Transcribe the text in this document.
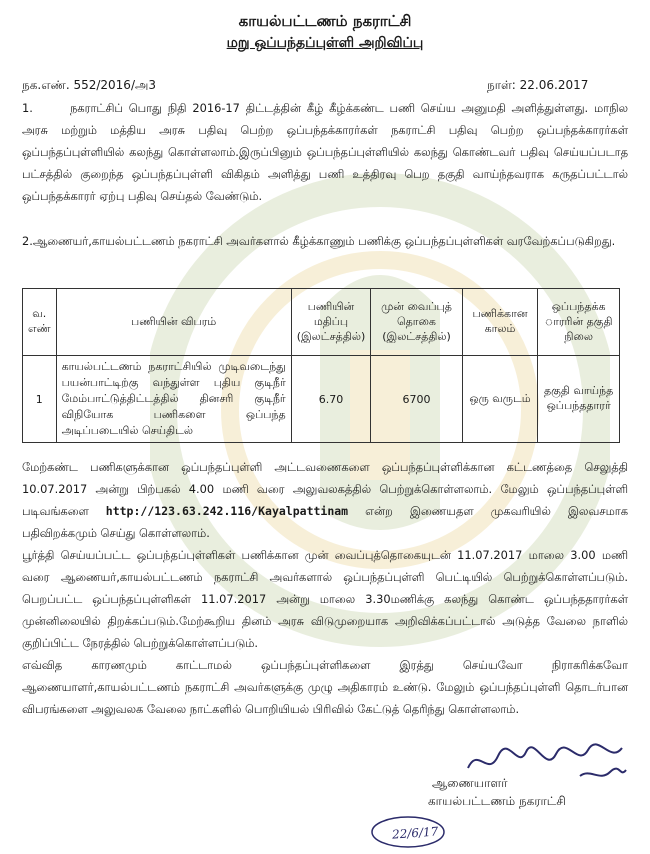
காயல்பட்டணம் நகராட்சி
மறு ஒப்பந்தப்புள்ளி அறிவிப்பு
நக.எண். 552/2016/அ3	நாள்: 22.06.2017
1.	நகராட்சிப் பொது நிதி 2016-17 திட்டத்தின் கீழ் கீழ்க்கண்ட பணி செய்ய அனுமதி அளித்துள்ளது. மாநில அரசு மற்றும் மத்திய அரசு பதிவு பெற்ற ஒப்பந்தக்காரர்கள் நகராட்சி பதிவு பெற்ற ஒப்பந்தக்காரர்கள் ஒப்பந்தப்புள்ளியில் கலந்து கொள்ளலாம்.இருப்பினும் ஒப்பந்தப்புள்ளியில் கலந்து கொண்டவர் பதிவு செய்யப்படாத பட்சத்தில் குறைந்த ஒப்பந்தப்புள்ளி விகிதம் அளித்து பணி உத்திரவு பெற தகுதி வாய்ந்தவராக கருதப்பட்டால் ஒப்பந்தக்காரர் ஏற்பு பதிவு செய்தல் வேண்டும்.
2.ஆணையர்,காயல்பட்டணம் நகராட்சி அவர்களால் கீழ்க்காணும் பணிக்கு ஒப்பந்தப்புள்ளிகள் வரவேற்கப்படுகிறது.
வ. எண்	பணியின் விபரம்	பணியின் மதிப்பு (இலட்சத்தில்)	முன் வைப்புத் தொகை (இலட்சத்தில்)	பணிக்கான காலம்	ஒப்பந்தக்க ாரரின் தகுதி நிலை
1	காயல்பட்டணம் நகராட்சியில் முடிவடைந்து பயன்பாட்டிற்கு வந்துள்ள புதிய குடிநீர் மேம்பாட்டுத்திட்டத்தில் தினசரி குடிநீர் விநியோக பணிகளை ஒப்பந்த அடிப்படையில் செய்திடல்	6.70	6700	ஒரு வருடம்	தகுதி வாய்ந்த ஒப்பந்ததாரர்
மேற்கண்ட பணிகளுக்கான ஒப்பந்தப்புள்ளி அட்டவணைகளை ஒப்பந்தப்புள்ளிக்கான கட்டணத்தை செலுத்தி 10.07.2017 அன்று பிற்பகல் 4.00 மணி வரை அலுவலகத்தில் பெற்றுக்கொள்ளலாம். மேலும் ஒப்பந்தப்புள்ளி படிவங்களை http://123.63.242.116/Kayalpattinam என்ற இணையதள முகவரியில் இலவசமாக பதிவிறக்கமும் செய்து கொள்ளலாம்.
பூர்த்தி செய்யப்பட்ட ஒப்பந்தப்புள்ளிகள் பணிக்கான முன் வைப்புத்தொகையுடன் 11.07.2017 மாலை 3.00 மணி வரை ஆணையர்,காயல்பட்டணம் நகராட்சி அவர்களால் ஒப்பந்தப்புள்ளி பெட்டியில் பெற்றுக்கொள்ளப்படும். பெறப்பட்ட ஒப்பந்தப்புள்ளிகள் 11.07.2017 அன்று மாலை 3.30மணிக்கு கலந்து கொண்ட ஒப்பந்ததாரர்கள் முன்னிலையில் திறக்கப்படும்.மேற்கூறிய தினம் அரசு விடுமுறையாக அறிவிக்கப்பட்டால் அடுத்த வேலை நாளில் குறிப்பிட்ட நேரத்தில் பெற்றுக்கொள்ளப்படும்.
எவ்வித காரணமும் காட்டாமல் ஒப்பந்தப்புள்ளிகளை இரத்து செய்யவோ நிராகரிக்கவோ ஆணையாளர்,காயல்பட்டணம் நகராட்சி அவர்களுக்கு முழு அதிகாரம் உண்டு. மேலும் ஒப்பந்தப்புள்ளி தொடர்பான விபரங்களை அலுவலக வேலை நாட்களில் பொறியியல் பிரிவில் கேட்டுத் தெரிந்து கொள்ளலாம்.
ஆணையாளர்
காயல்பட்டணம் நகராட்சி
22/6/17
